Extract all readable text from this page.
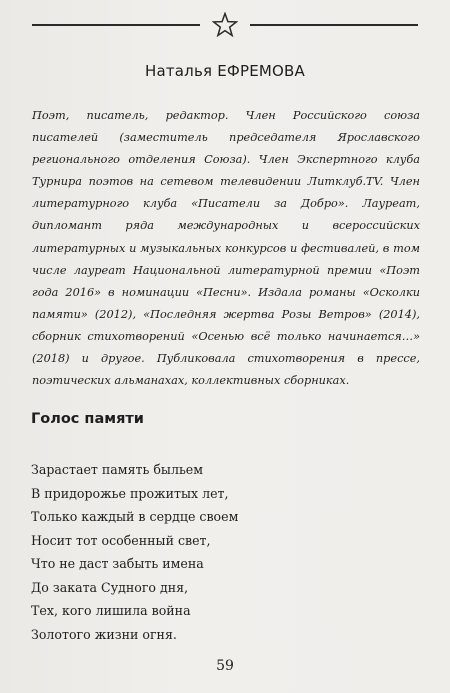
Наталья ЕФРЕМОВА
Поэт, писатель, редактор. Член Российского союза писателей (заместитель председателя Ярославского регионального отделения Союза). Член Экспертного клуба Турнира поэтов на сетевом телевидении Литклуб.TV. Член литературного клуба «Писатели за Добро». Лауреат, дипломант ряда международных и всероссийских литературных и музыкальных конкурсов и фестивалей, в том числе лауреат Национальной литературной премии «Поэт года 2016» в номинации «Песни». Издала романы «Осколки памяти» (2012), «Последняя жертва Розы Ветров» (2014), сборник стихотворений «Осенью всё только начинается…» (2018) и другое. Публиковала стихотворения в прессе, поэтических альманахах, коллективных сборниках.
Голос памяти
Зарастает память быльем
В придорожье прожитых лет,
Только каждый в сердце своем
Носит тот особенный свет,
Что не даст забыть имена
До заката Судного дня,
Тех, кого лишила война
Золотого жизни огня.
59
